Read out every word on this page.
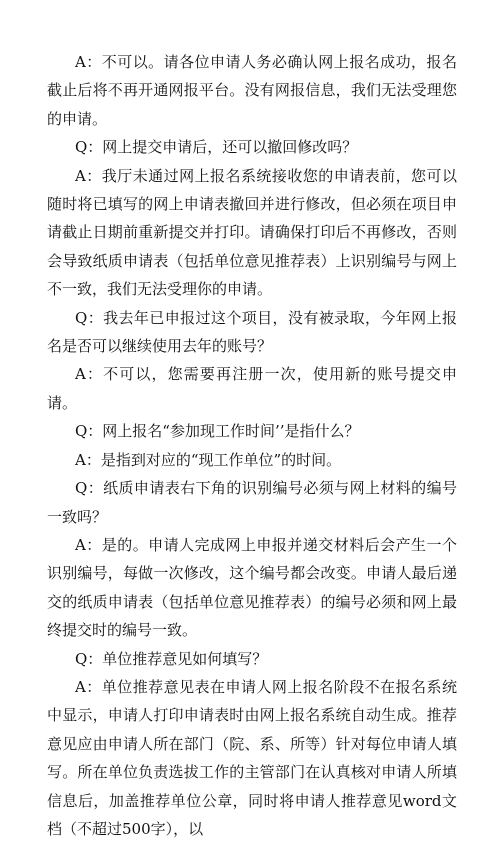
A：不可以。请各位申请人务必确认网上报名成功，报名 截止后将不再开通网报平台。没有网报信息，我们无法受理您 的申请。

Q：网上提交申请后，还可以撤回修改吗？

A：我厅未通过网上报名系统接收您的申请表前，您可以 随时将已填写的网上申请表撤回并进行修改，但必须在项目申 请截止日期前重新提交并打印。请确保打印后不再修改，否则 会导致纸质申请表（包括单位意见推荐表）上识别编号与网上 不一致，我们无法受理你的申请。

Q：我去年已申报过这个项目，没有被录取，今年网上报 名是否可以继续使用去年的账号？

A：不可以，您需要再注册一次，使用新的账号提交申请。

Q：网上报名“参加现工作时间’’是指什么？

A：是指到对应的“现工作单位”的时间。

Q：纸质申请表右下角的识别编号必须与网上材料的编号 一致吗？

A：是的。申请人完成网上申报并递交材料后会产生一个 识别编号，每做一次修改，这个编号都会改变。申请人最后递 交的纸质申请表（包括单位意见推荐表）的编号必须和网上最 终提交时的编号一致。

Q：单位推荐意见如何填写？

A：单位推荐意见表在申请人网上报名阶段不在报名系统 中显示，申请人打印申请表时由网上报名系统自动生成。推荐 意见应由申请人所在部门（院、系、所等）针对每位申请人填 写。所在单位负责选拔工作的主管部门在认真核对申请人所填 信息后，加盖推荐单位公章，同时将申请人推荐意见word文 档（不超过500字），以
